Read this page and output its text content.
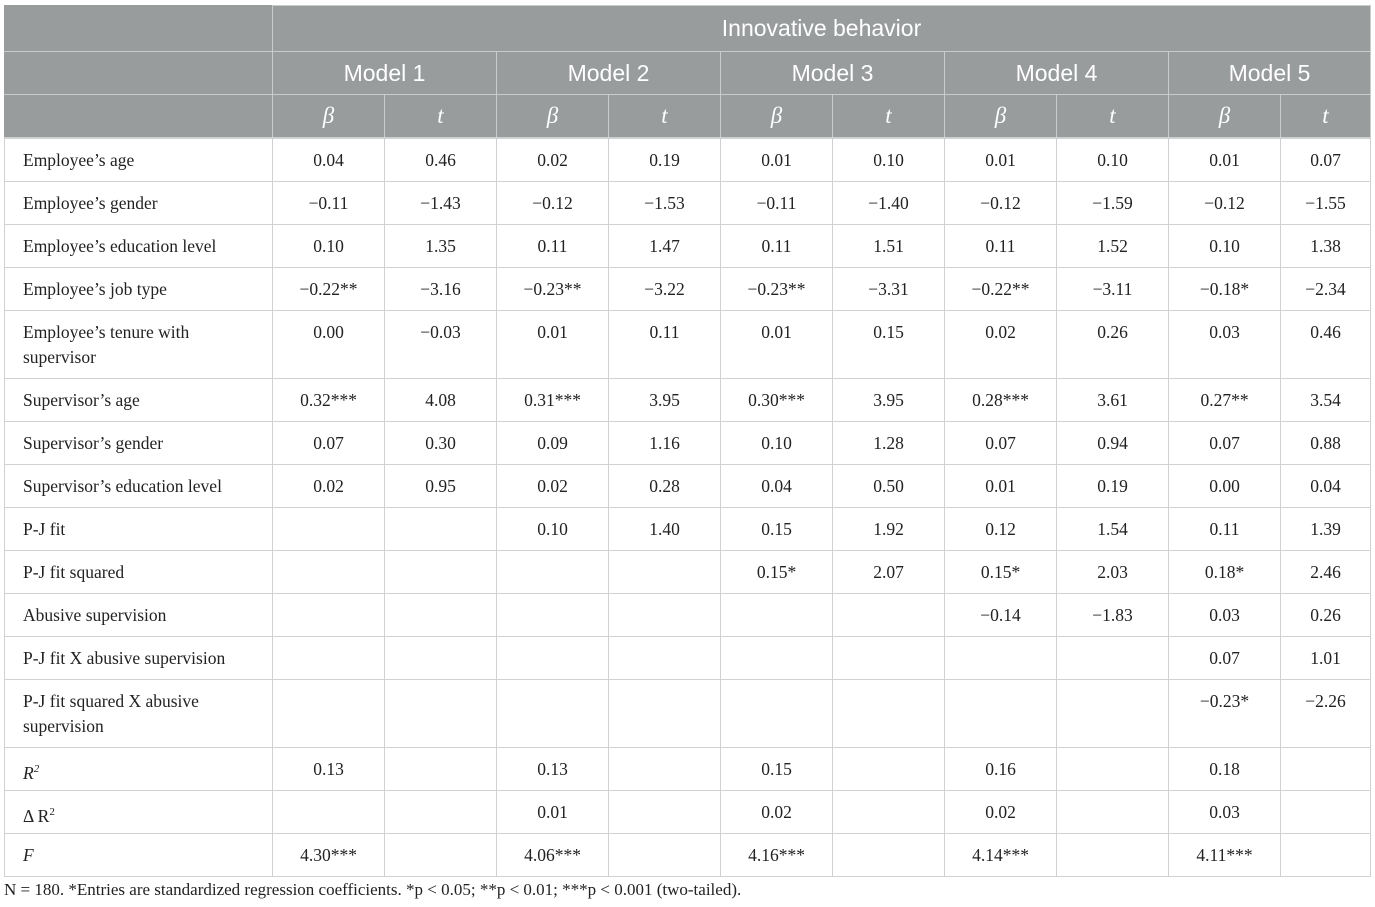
	Innovative behavior									
	Model 1		Model 2		Model 3		Model 4		Model 5	
	β	t	β	t	β	t	β	t	β	t
Employee’s age	0.04	0.46	0.02	0.19	0.01	0.10	0.01	0.10	0.01	0.07
Employee’s gender	−0.11	−1.43	−0.12	−1.53	−0.11	−1.40	−0.12	−1.59	−0.12	−1.55
Employee’s education level	0.10	1.35	0.11	1.47	0.11	1.51	0.11	1.52	0.10	1.38
Employee’s job type	−0.22**	−3.16	−0.23**	−3.22	−0.23**	−3.31	−0.22**	−3.11	−0.18*	−2.34
Employee’s tenure with supervisor	0.00	−0.03	0.01	0.11	0.01	0.15	0.02	0.26	0.03	0.46
Supervisor’s age	0.32***	4.08	0.31***	3.95	0.30***	3.95	0.28***	3.61	0.27**	3.54
Supervisor’s gender	0.07	0.30	0.09	1.16	0.10	1.28	0.07	0.94	0.07	0.88
Supervisor’s education level	0.02	0.95	0.02	0.28	0.04	0.50	0.01	0.19	0.00	0.04
P-J fit			0.10	1.40	0.15	1.92	0.12	1.54	0.11	1.39
P-J fit squared					0.15*	2.07	0.15*	2.03	0.18*	2.46
Abusive supervision							−0.14	−1.83	0.03	0.26
P-J fit X abusive supervision									0.07	1.01
P-J fit squared X abusive supervision									−0.23*	−2.26
$R^2$	0.13		0.13		0.15		0.16		0.18	
Δ $R^2$			0.01		0.02		0.02		0.03	
F	4.30***		4.06***		4.16***		4.14***		4.11***	
N = 180. *Entries are standardized regression coefficients. *p < 0.05; **p < 0.01; ***p < 0.001 (two-tailed).
